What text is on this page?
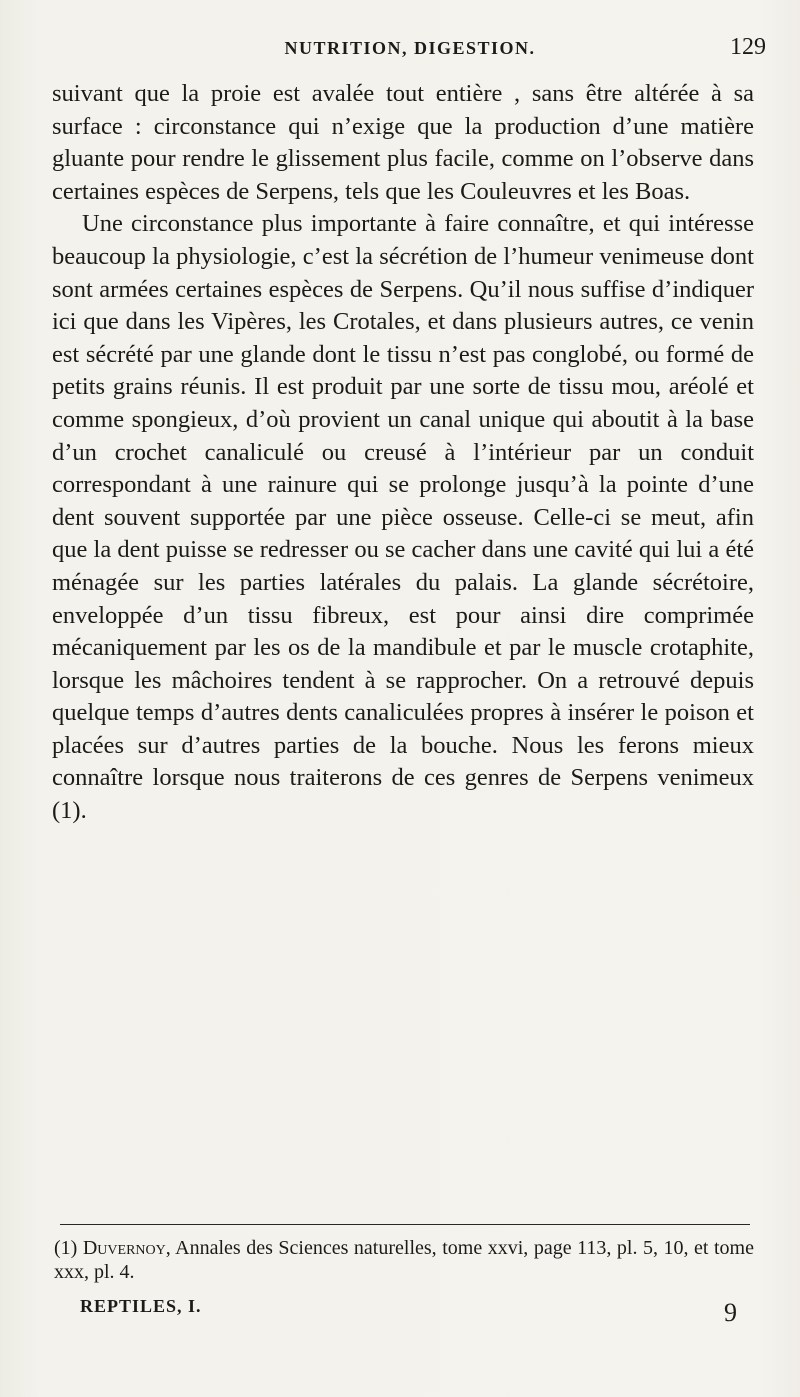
NUTRITION, DIGESTION.	129

suivant que la proie est avalée tout entière , sans être altérée à sa surface : circonstance qui n’exige que la production d’une matière gluante pour rendre le glissement plus facile, comme on l’observe dans certaines espèces de Serpens, tels que les Couleuvres et les Boas.

Une circonstance plus importante à faire connaître, et qui intéresse beaucoup la physiologie, c’est la sécrétion de l’humeur venimeuse dont sont armées certaines espèces de Serpens. Qu’il nous suffise d’indiquer ici que dans les Vipères, les Crotales, et dans plusieurs autres, ce venin est sécrété par une glande dont le tissu n’est pas conglobé, ou formé de petits grains réunis. Il est produit par une sorte de tissu mou, aréolé et comme spongieux, d’où provient un canal unique qui aboutit à la base d’un crochet canaliculé ou creusé à l’intérieur par un conduit correspondant à une rainure qui se prolonge jusqu’à la pointe d’une dent souvent supportée par une pièce osseuse. Celle-ci se meut, afin que la dent puisse se redresser ou se cacher dans une cavité qui lui a été ménagée sur les parties latérales du palais. La glande sécrétoire, enveloppée d’un tissu fibreux, est pour ainsi dire comprimée mécaniquement par les os de la mandibule et par le muscle crotaphite, lorsque les mâchoires tendent à se rapprocher. On a retrouvé depuis quelque temps d’autres dents canaliculées propres à insérer le poison et placées sur d’autres parties de la bouche. Nous les ferons mieux connaître lorsque nous traiterons de ces genres de Serpens venimeux (1).

(1) Duvernoy, Annales des Sciences naturelles, tome xxvi, page 113, pl. 5, 10, et tome xxx, pl. 4.
REPTILES, I.	9
